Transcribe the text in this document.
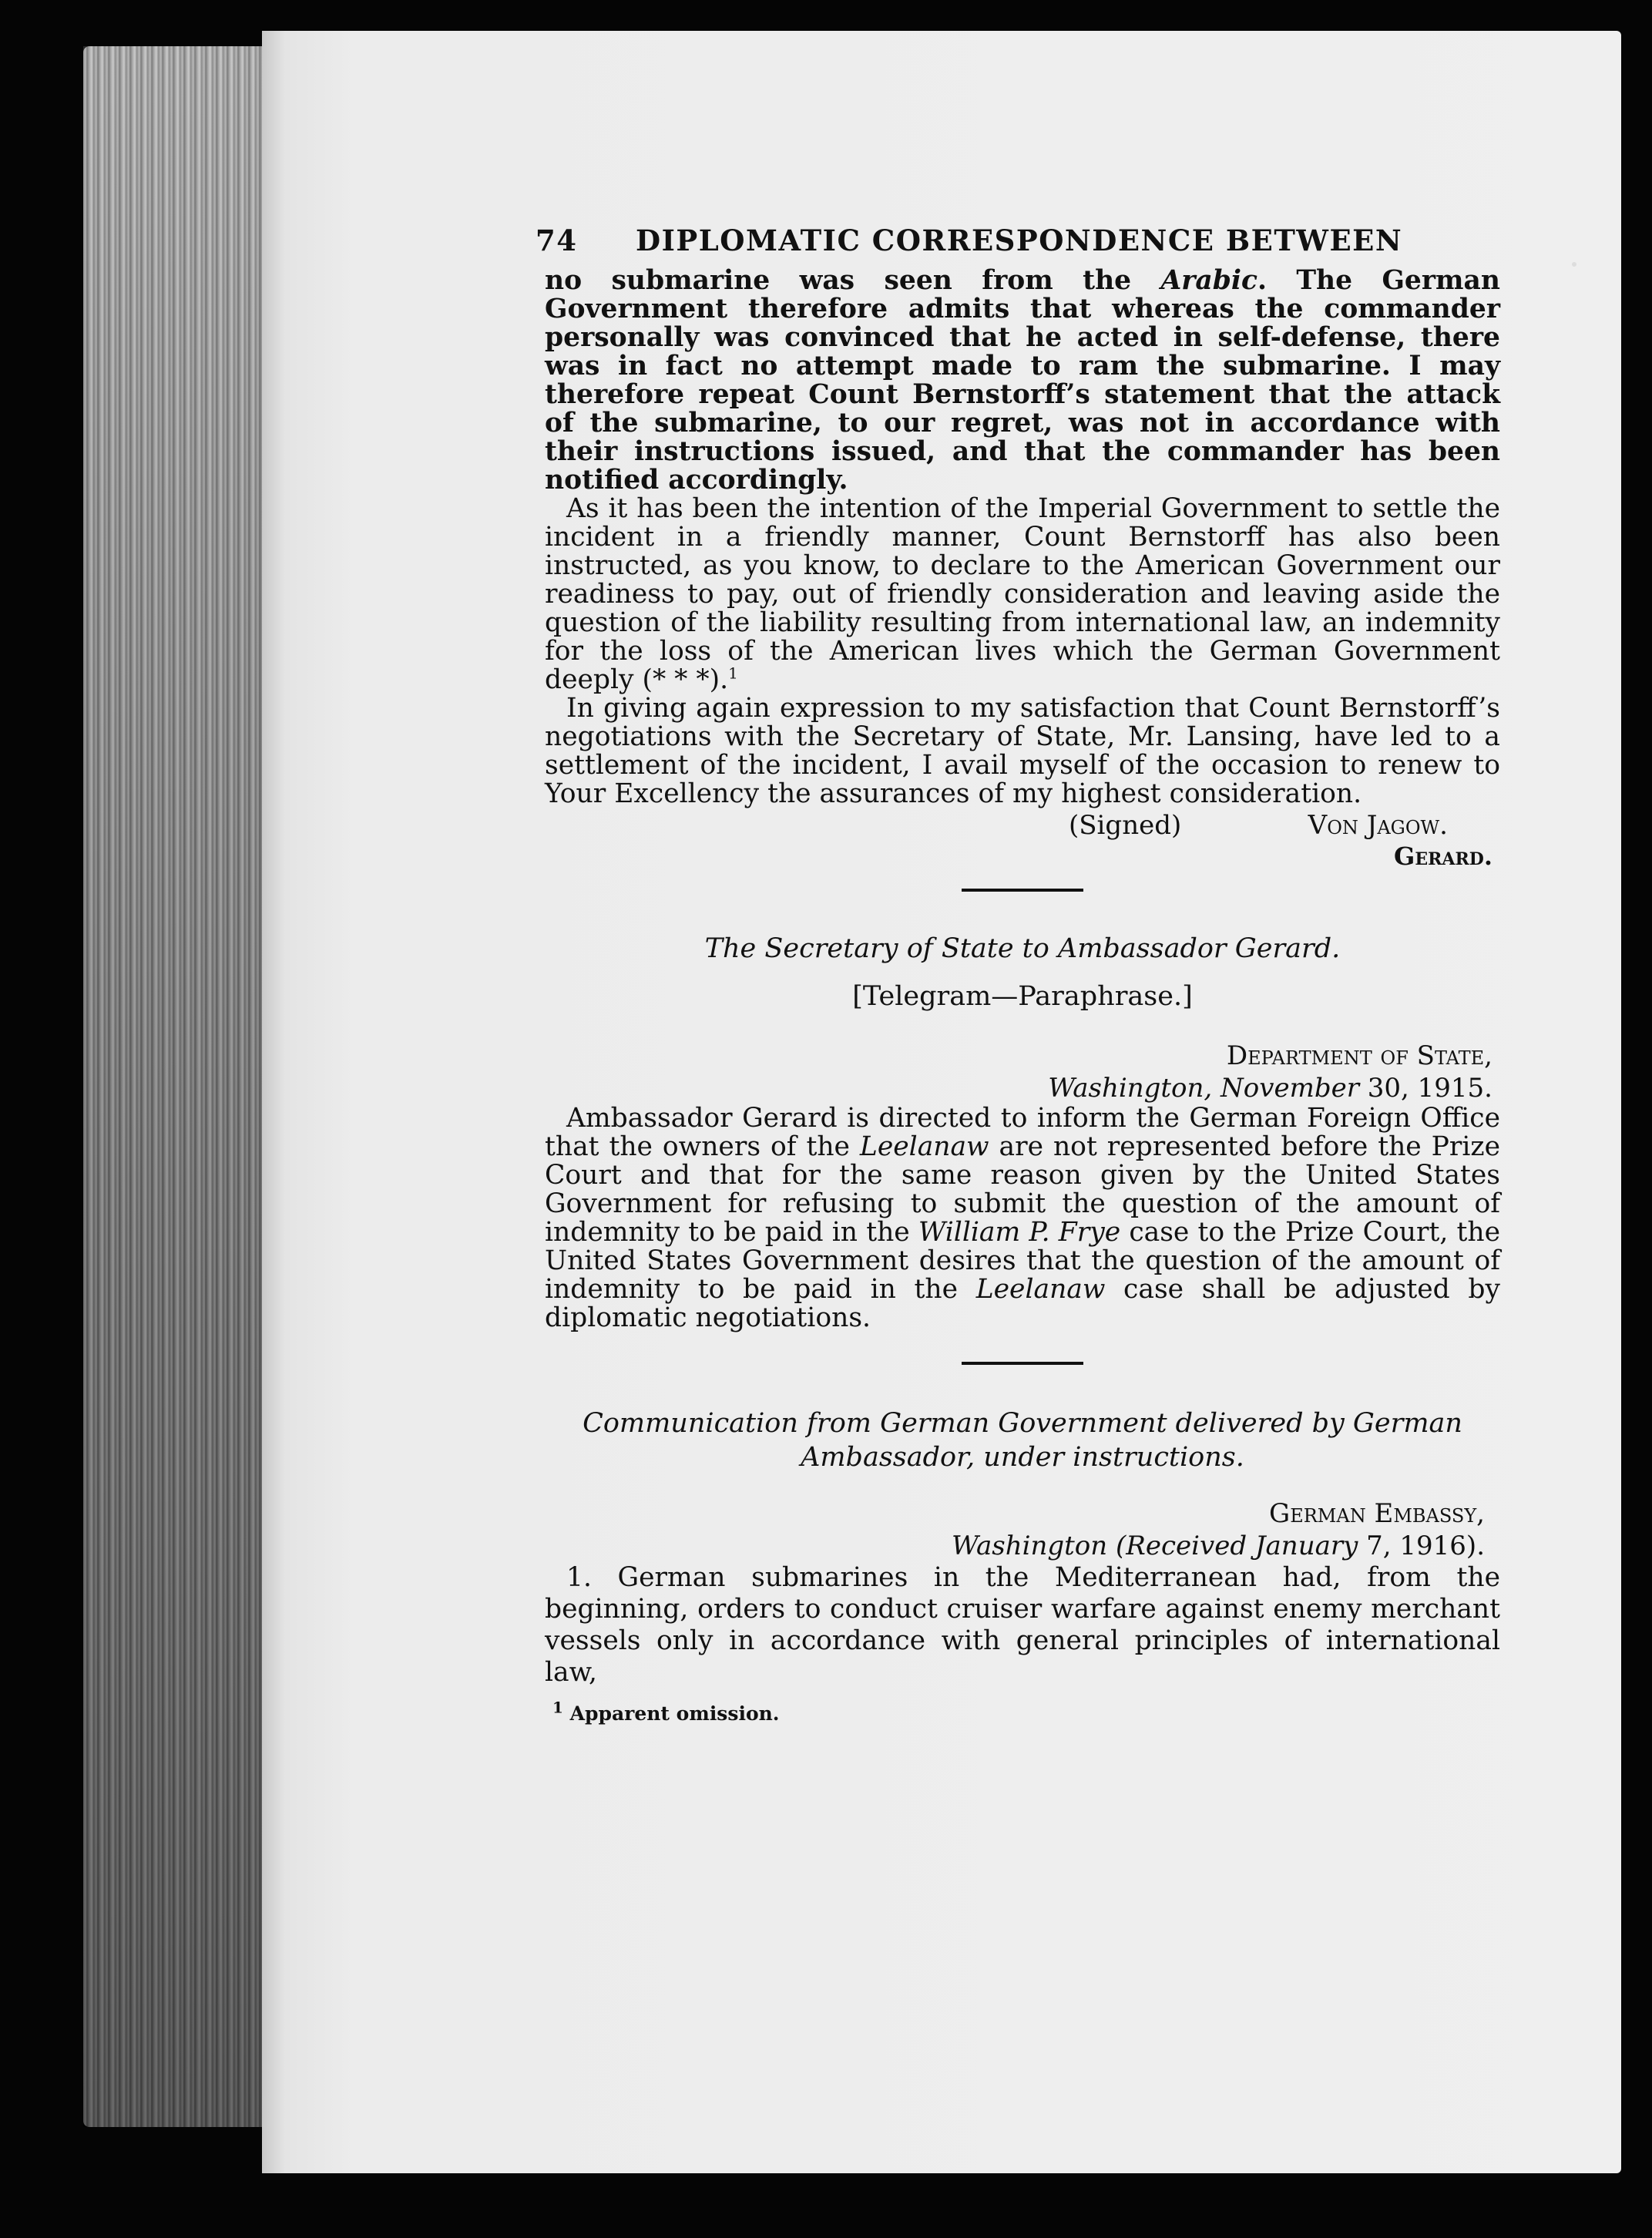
74	DIPLOMATIC CORRESPONDENCE BETWEEN

no submarine was seen from the Arabic. The German Government therefore admits that whereas the commander personally was convinced that he acted in self-defense, there was in fact no attempt made to ram the submarine. I may therefore repeat Count Bernstorff’s statement that the attack of the submarine, to our regret, was not in accordance with their instructions issued, and that the commander has been notified accordingly.

As it has been the intention of the Imperial Government to settle the incident in a friendly manner, Count Bernstorff has also been instructed, as you know, to declare to the American Government our readiness to pay, out of friendly consideration and leaving aside the question of the liability resulting from international law, an indemnity for the loss of the American lives which the German Government deeply (* * *).$^1$

In giving again expression to my satisfaction that Count Bernstorff’s negotiations with the Secretary of State, Mr. Lansing, have led to a settlement of the incident, I avail myself of the occasion to renew to Your Excellency the assurances of my highest consideration.

(Signed)	Von Jagow.
Gerard.
The Secretary of State to Ambassador Gerard.
[Telegram—Paraphrase.]
Department of State,
Washington, November 30, 1915.

Ambassador Gerard is directed to inform the German Foreign Office that the owners of the Leelanaw are not represented before the Prize Court and that for the same reason given by the United States Government for refusing to submit the question of the amount of indemnity to be paid in the William P. Frye case to the Prize Court, the United States Government desires that the question of the amount of indemnity to be paid in the Leelanaw case shall be adjusted by diplomatic negotiations.

Communication from German Government delivered by German
Ambassador, under instructions.
German Embassy,
Washington (Received January 7, 1916).

1. German submarines in the Mediterranean had, from the beginning, orders to conduct cruiser warfare against enemy merchant vessels only in accordance with general principles of international law,

$^1$ Apparent omission.
